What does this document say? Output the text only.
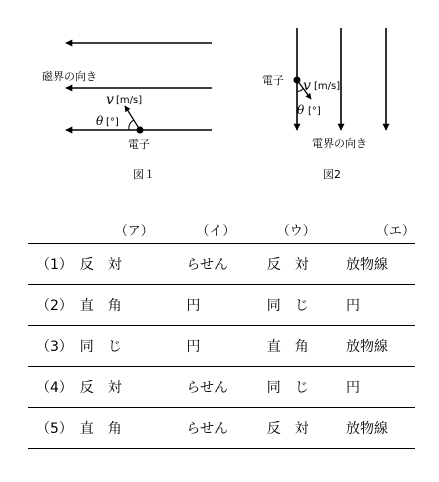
磁界の向き
v [m/s]
θ [°]
電子
図１
電子 v [m/s]
θ [°]
電界の向き
図2
	（ア）	（イ）	（ウ）	（エ）
（1）	反　対	らせん	反　対	放物線
（2）	直　角	円	同　じ	円
（3）	同　じ	円	直　角	放物線
（4）	反　対	らせん	同　じ	円
（5）	直　角	らせん	反　対	放物線
